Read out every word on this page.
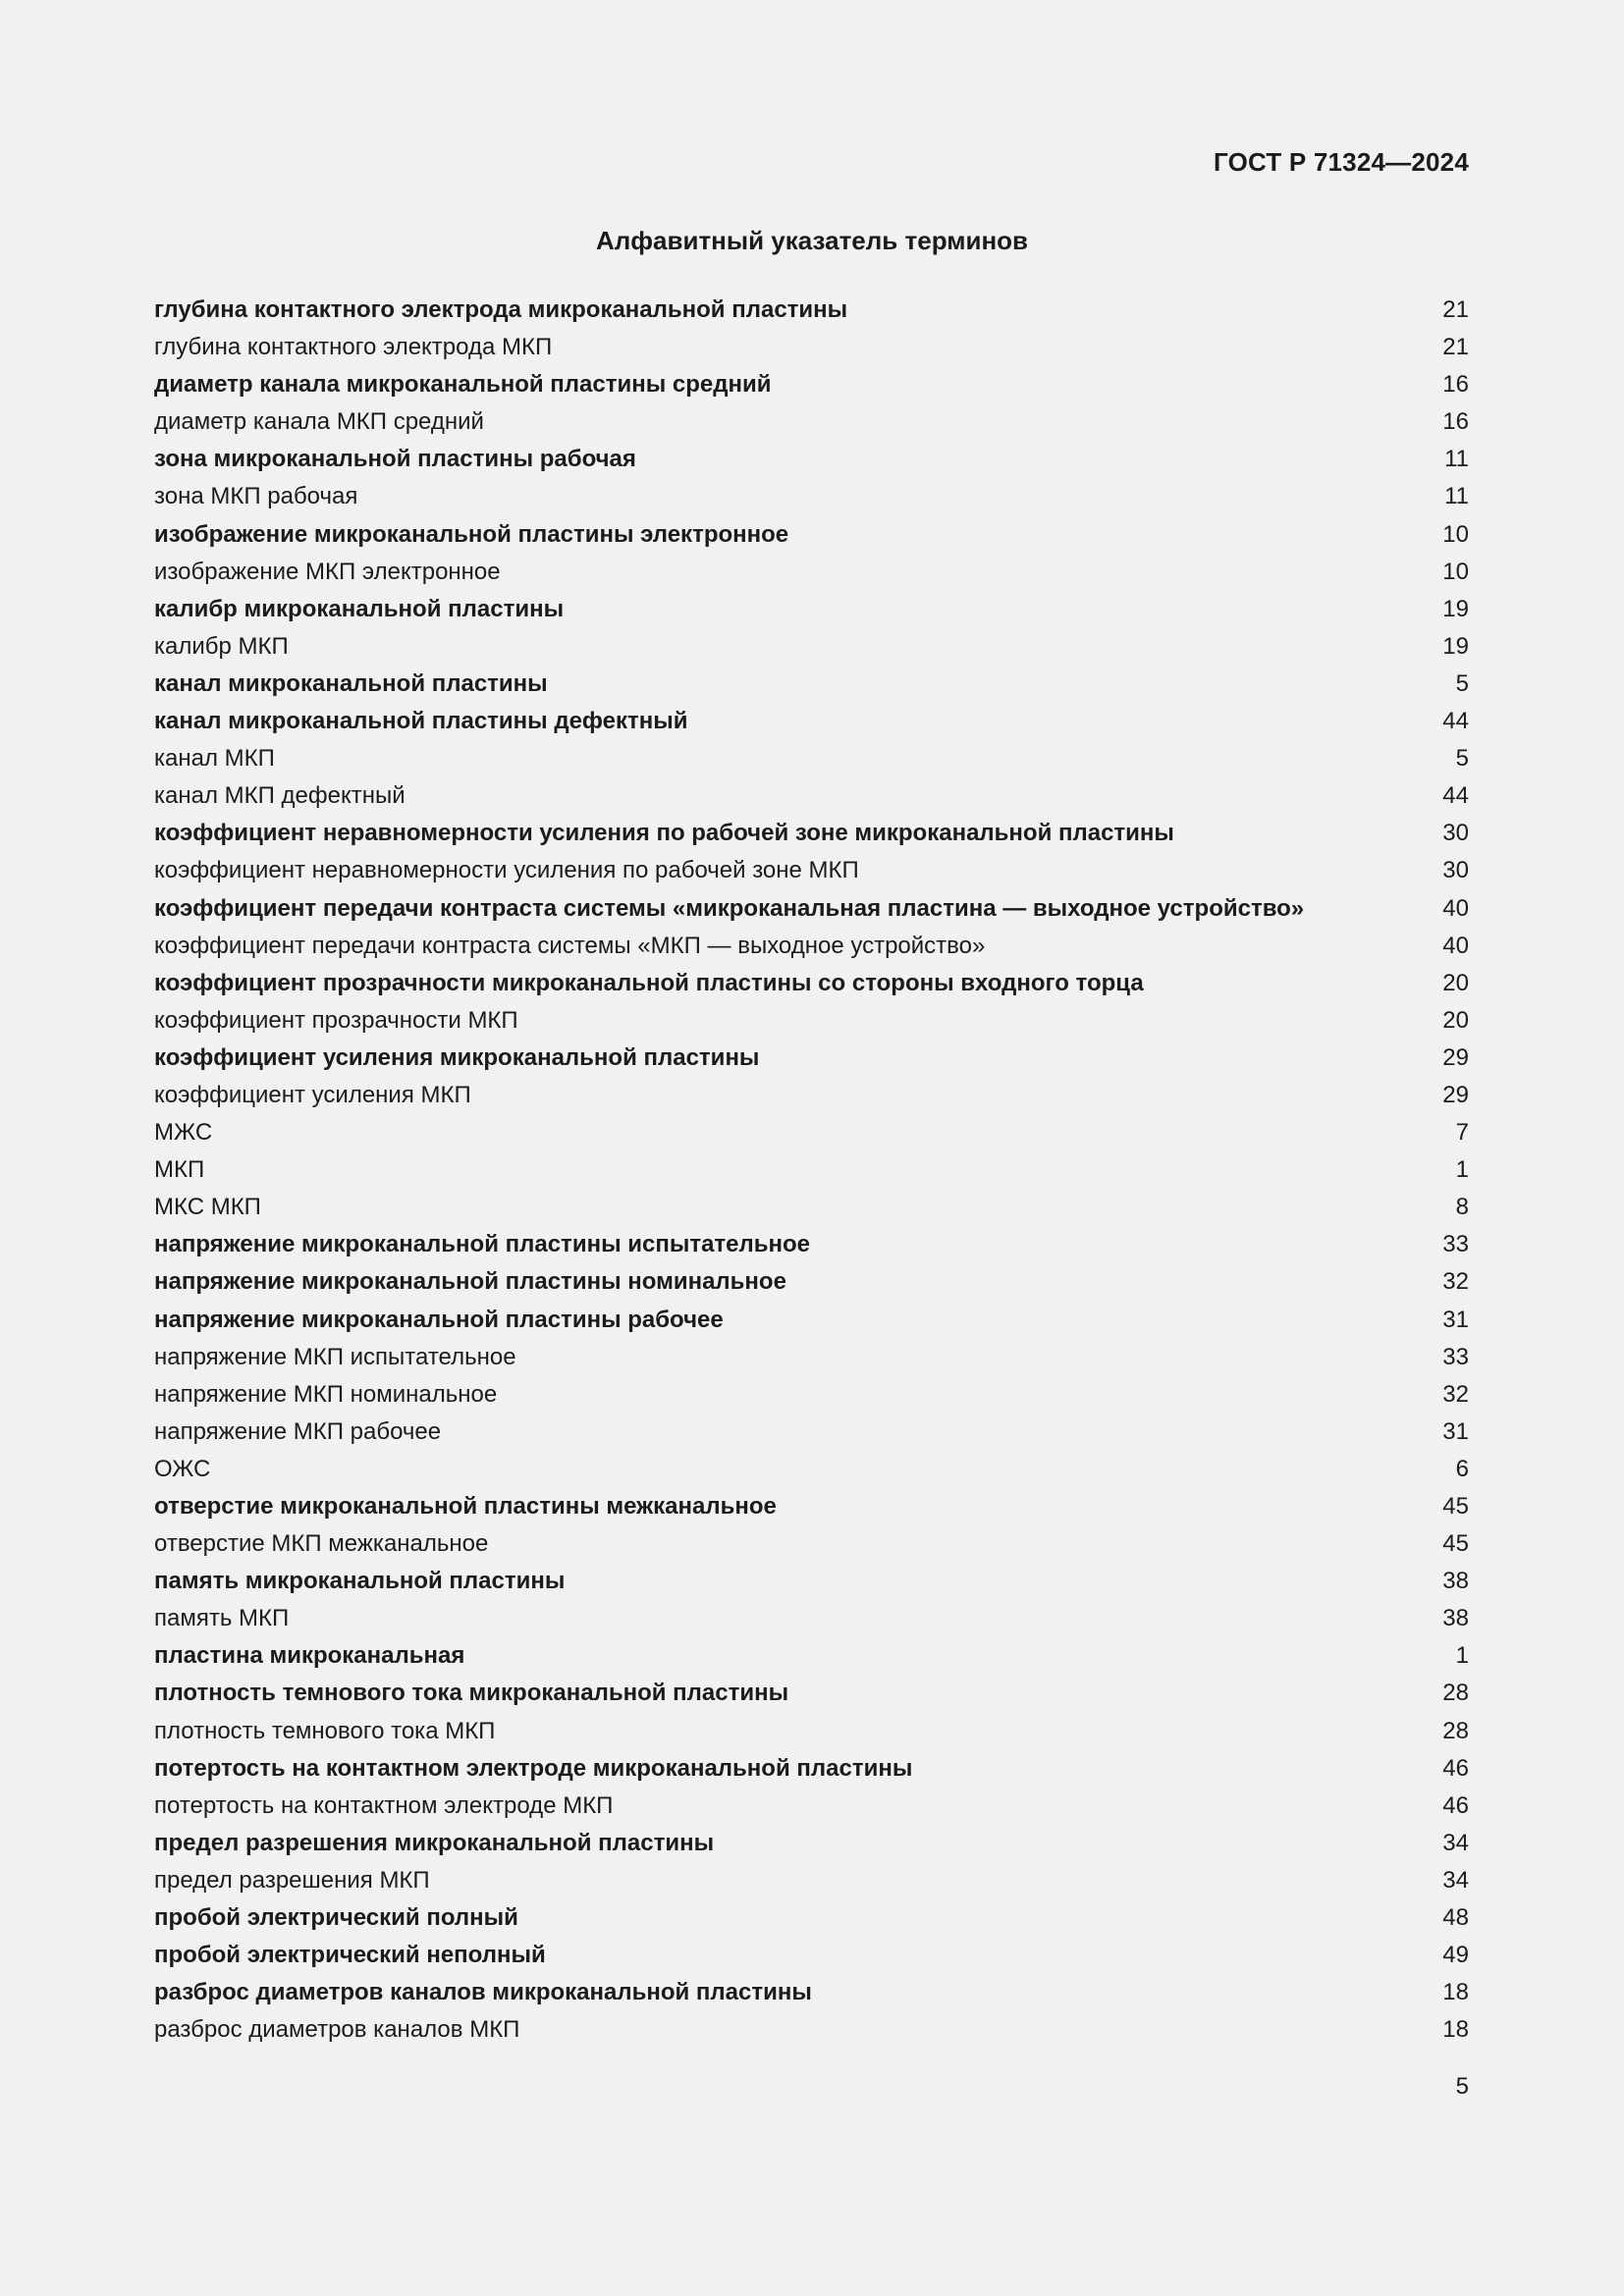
ГОСТ Р 71324—2024
Алфавитный указатель терминов
глубина контактного электрода микроканальной пластины	21
глубина контактного электрода МКП	21
диаметр канала микроканальной пластины средний	16
диаметр канала МКП средний	16
зона микроканальной пластины рабочая	11
зона МКП рабочая	11
изображение микроканальной пластины электронное	10
изображение МКП электронное	10
калибр микроканальной пластины	19
калибр МКП	19
канал микроканальной пластины	5
канал микроканальной пластины дефектный	44
канал МКП	5
канал МКП дефектный	44
коэффициент неравномерности усиления по рабочей зоне микроканальной пластины	30
коэффициент неравномерности усиления по рабочей зоне МКП	30
коэффициент передачи контраста системы «микроканальная пластина — выходное устройство»	40
коэффициент передачи контраста системы «МКП — выходное устройство»	40
коэффициент прозрачности микроканальной пластины со стороны входного торца	20
коэффициент прозрачности МКП	20
коэффициент усиления микроканальной пластины	29
коэффициент усиления МКП	29
МЖС	7
МКП	1
МКС МКП	8
напряжение микроканальной пластины испытательное	33
напряжение микроканальной пластины номинальное	32
напряжение микроканальной пластины рабочее	31
напряжение МКП испытательное	33
напряжение МКП номинальное	32
напряжение МКП рабочее	31
ОЖС	6
отверстие микроканальной пластины межканальное	45
отверстие МКП межканальное	45
память микроканальной пластины	38
память МКП	38
пластина микроканальная	1
плотность темнового тока микроканальной пластины	28
плотность темнового тока МКП	28
потертость на контактном электроде микроканальной пластины	46
потертость на контактном электроде МКП	46
предел разрешения микроканальной пластины	34
предел разрешения МКП	34
пробой электрический полный	48
пробой электрический неполный	49
разброс диаметров каналов микроканальной пластины	18
разброс диаметров каналов МКП	18
5
